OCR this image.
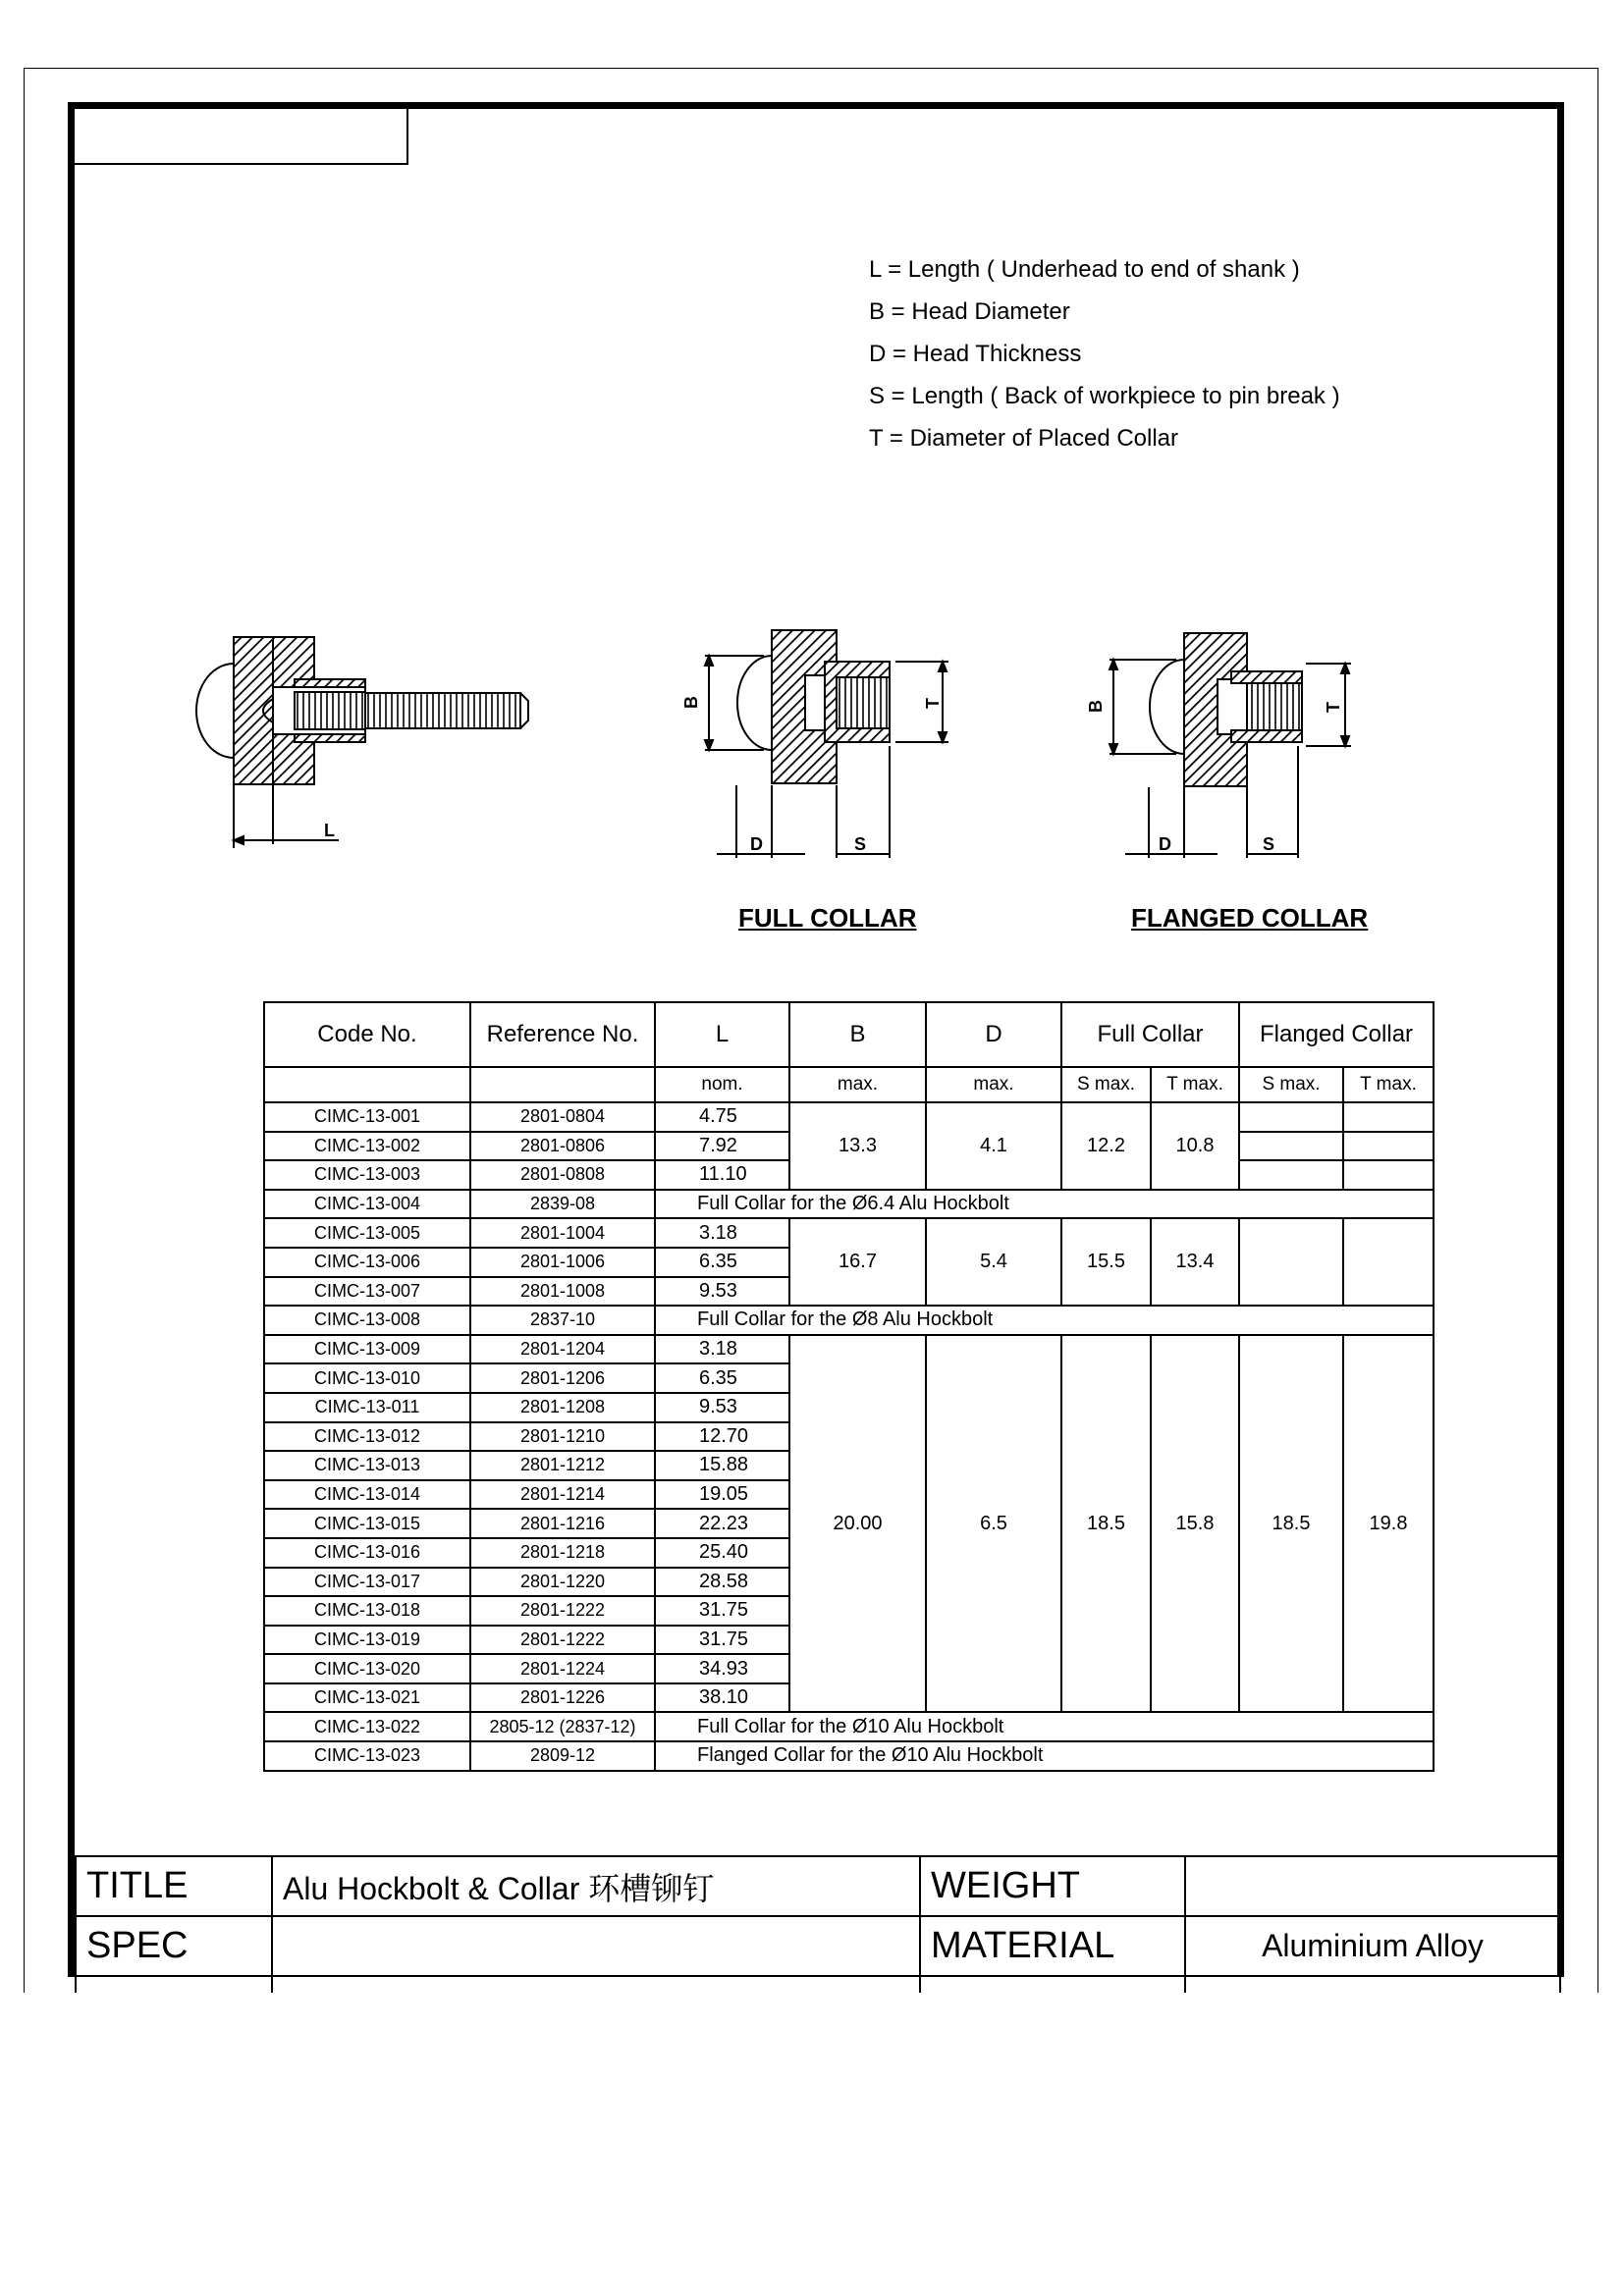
L = Length ( Underhead to end of shank )
B = Head Diameter
D = Head Thickness
S = Length ( Back of workpiece to pin break )
T = Diameter of Placed Collar
L
B	T
D	S
B	T
D	S
FULL COLLAR	FLANGED COLLAR
Code No.	Reference No.	L	B	D	Full Collar		Flanged Collar	
		nom.	max.	max.	S max.	T max.	S max.	T max.
CIMC-13-001	2801-0804	4.75	13.3	4.1	12.2	10.8		
CIMC-13-002	2801-0806	7.92						
CIMC-13-003	2801-0808	11.10						
CIMC-13-004	2839-08	Full Collar for the Ø6.4 Alu Hockbolt						
CIMC-13-005	2801-1004	3.18	16.7	5.4	15.5	13.4		
CIMC-13-006	2801-1006	6.35						
CIMC-13-007	2801-1008	9.53						
CIMC-13-008	2837-10	Full Collar for the Ø8 Alu Hockbolt						
CIMC-13-009	2801-1204	3.18	20.00	6.5	18.5	15.8	18.5	19.8
CIMC-13-010	2801-1206	6.35						
CIMC-13-011	2801-1208	9.53						
CIMC-13-012	2801-1210	12.70						
CIMC-13-013	2801-1212	15.88						
CIMC-13-014	2801-1214	19.05						
CIMC-13-015	2801-1216	22.23						
CIMC-13-016	2801-1218	25.40						
CIMC-13-017	2801-1220	28.58						
CIMC-13-018	2801-1222	31.75						
CIMC-13-019	2801-1222	31.75						
CIMC-13-020	2801-1224	34.93						
CIMC-13-021	2801-1226	38.10						
CIMC-13-022	2805-12 (2837-12)	Full Collar for the Ø10 Alu Hockbolt						
CIMC-13-023	2809-12	Flanged Collar for the Ø10 Alu Hockbolt						
TITLE	Alu Hockbolt & Collar 环槽铆钉	WEIGHT	
SPEC		MATERIAL	Aluminium Alloy
